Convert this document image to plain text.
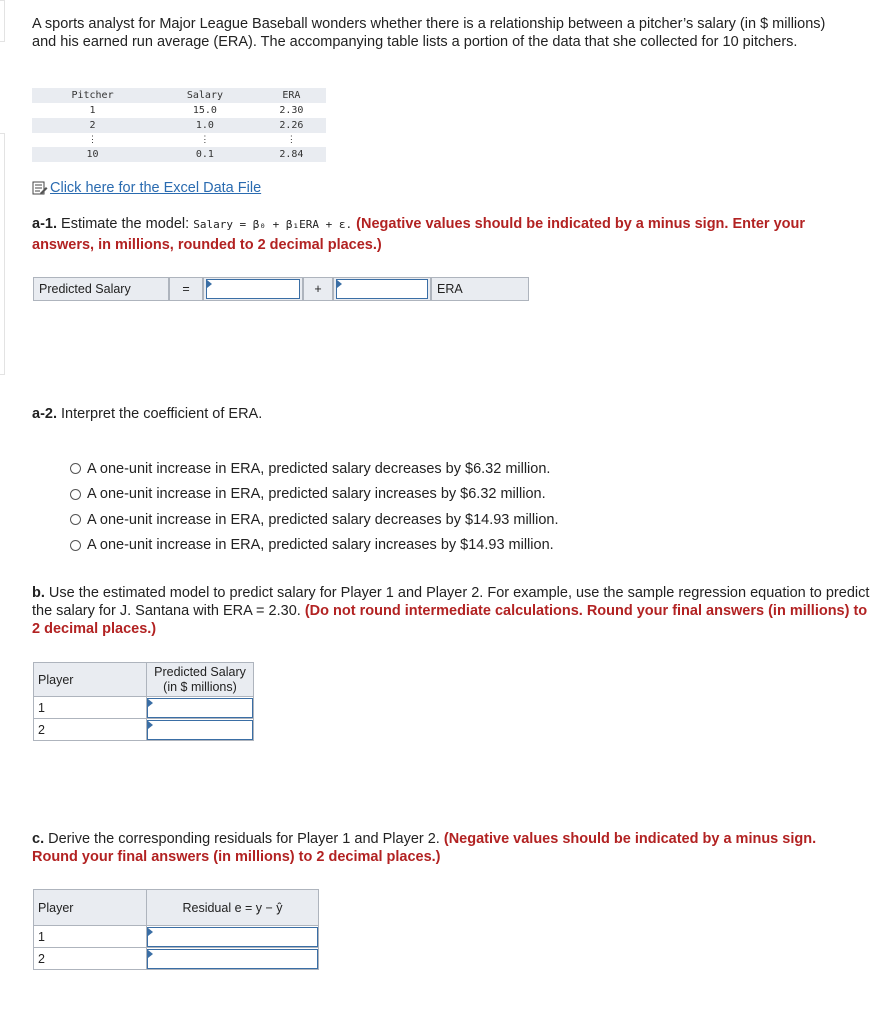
A sports analyst for Major League Baseball wonders whether there is a relationship between a pitcher’s salary (in $ millions) and his earned run average (ERA). The accompanying table lists a portion of the data that she collected for 10 pitchers.
Pitcher	Salary	ERA
1	15.0	2.30
2	1.0	2.26
⋮	⋮	⋮
10	0.1	2.84
Click here for the Excel Data File
a-1. Estimate the model: Salary = β₀ + β₁ERA + ε. (Negative values should be indicated by a minus sign. Enter your answers, in millions, rounded to 2 decimal places.)
Predicted Salary	=	+	ERA
a-2. Interpret the coefficient of ERA.
A one-unit increase in ERA, predicted salary decreases by $6.32 million.
A one-unit increase in ERA, predicted salary increases by $6.32 million.
A one-unit increase in ERA, predicted salary decreases by $14.93 million.
A one-unit increase in ERA, predicted salary increases by $14.93 million.
b. Use the estimated model to predict salary for Player 1 and Player 2. For example, use the sample regression equation to predict the salary for J. Santana with ERA = 2.30. (Do not round intermediate calculations. Round your final answers (in millions) to 2 decimal places.)
Player	Predicted Salary
(in $ millions)

1	

2	
c. Derive the corresponding residuals for Player 1 and Player 2. (Negative values should be indicated by a minus sign. Round your final answers (in millions) to 2 decimal places.)
Player	Residual e = y − ŷ
1	

2	
